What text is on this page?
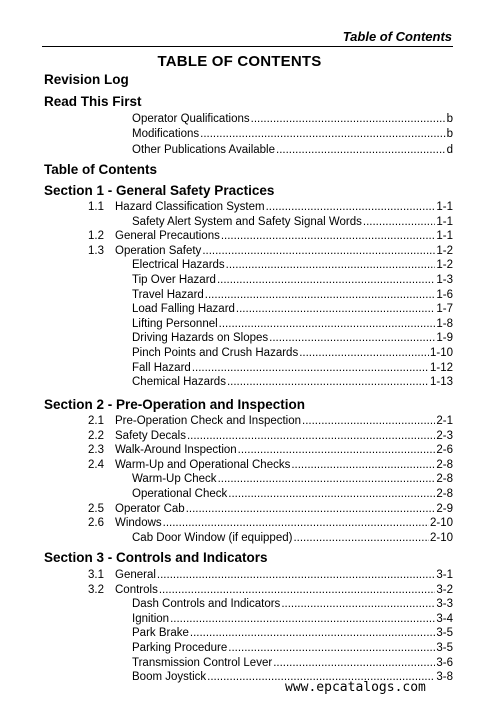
Table of Contents
TABLE OF CONTENTS
Revision Log
Read This First
Table of Contents
Section 1 - General Safety Practices
Section 2 - Pre-Operation and Inspection
Section 3 - Controls and Indicators
Operator Qualifications .....	b
Modifications .....	b
Other Publications Available .....	d
1.1 Hazard Classification System .....	1-1
Safety Alert System and Safety Signal Words .....	1-1
1.2 General Precautions .....	1-1
1.3 Operation Safety .....	1-2
Electrical Hazards .....	1-2
Tip Over Hazard .....	1-3
Travel Hazard .....	1-6
Load Falling Hazard .....	1-7
Lifting Personnel .....	1-8
Driving Hazards on Slopes .....	1-9
Pinch Points and Crush Hazards .....	1-10
Fall Hazard .....	1-12
Chemical Hazards .....	1-13
2.1 Pre-Operation Check and Inspection .....	2-1
2.2 Safety Decals .....	2-3
2.3 Walk-Around Inspection .....	2-6
2.4 Warm-Up and Operational Checks .....	2-8
Warm-Up Check .....	2-8
Operational Check .....	2-8
2.5 Operator Cab .....	2-9
2.6 Windows .....	2-10
Cab Door Window (if equipped) .....	2-10
3.1 General .....	3-1
3.2 Controls .....	3-2
Dash Controls and Indicators .....	3-3
Ignition .....	3-4
Park Brake .....	3-5
Parking Procedure .....	3-5
Transmission Control Lever .....	3-6
Boom Joystick .....	3-8
www.epcatalogs.com
